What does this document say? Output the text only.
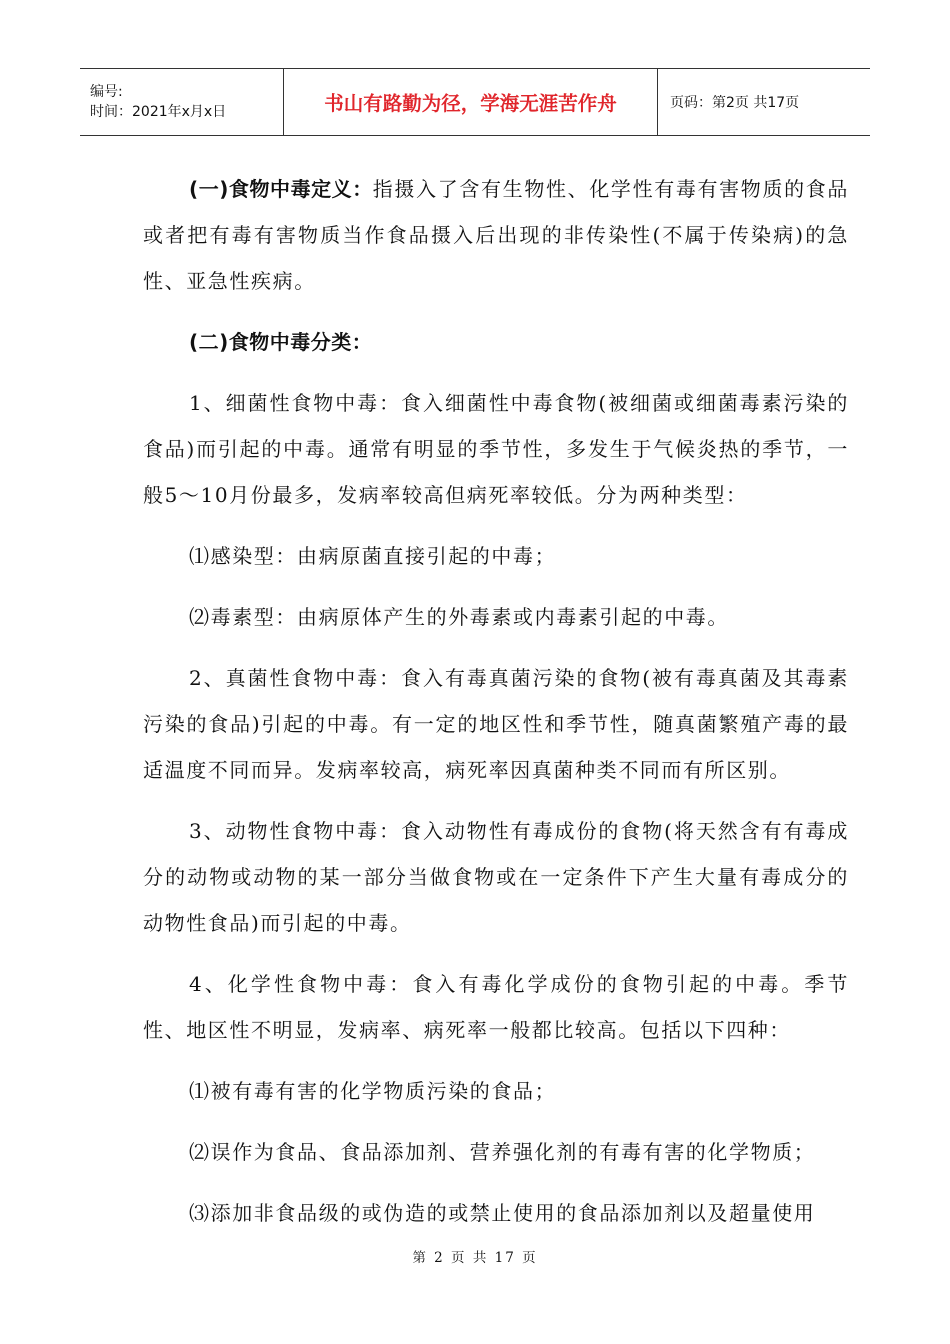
编号:
时间：2021年x月x日	书山有路勤为径，学海无涯苦作舟	页码：第2页 共17页

(一)食物中毒定义：指摄入了含有生物性、化学性有毒有害物质的食品或者把有毒有害物质当作食品摄入后出现的非传染性(不属于传染病)的急性、亚急性疾病。

(二)食物中毒分类：

1、细菌性食物中毒：食入细菌性中毒食物(被细菌或细菌毒素污染的食品)而引起的中毒。通常有明显的季节性，多发生于气候炎热的季节，一般5～10月份最多，发病率较高但病死率较低。分为两种类型：

⑴感染型：由病原菌直接引起的中毒；

⑵毒素型：由病原体产生的外毒素或内毒素引起的中毒。

2、真菌性食物中毒：食入有毒真菌污染的食物(被有毒真菌及其毒素污染的食品)引起的中毒。有一定的地区性和季节性，随真菌繁殖产毒的最适温度不同而异。发病率较高，病死率因真菌种类不同而有所区别。

3、动物性食物中毒：食入动物性有毒成份的食物(将天然含有有毒成分的动物或动物的某一部分当做食物或在一定条件下产生大量有毒成分的动物性食品)而引起的中毒。

4、化学性食物中毒：食入有毒化学成份的食物引起的中毒。季节性、地区性不明显，发病率、病死率一般都比较高。包括以下四种：

⑴被有毒有害的化学物质污染的食品；

⑵误作为食品、食品添加剂、营养强化剂的有毒有害的化学物质；

⑶添加非食品级的或伪造的或禁止使用的食品添加剂以及超量使用

第 2 页 共 17 页
